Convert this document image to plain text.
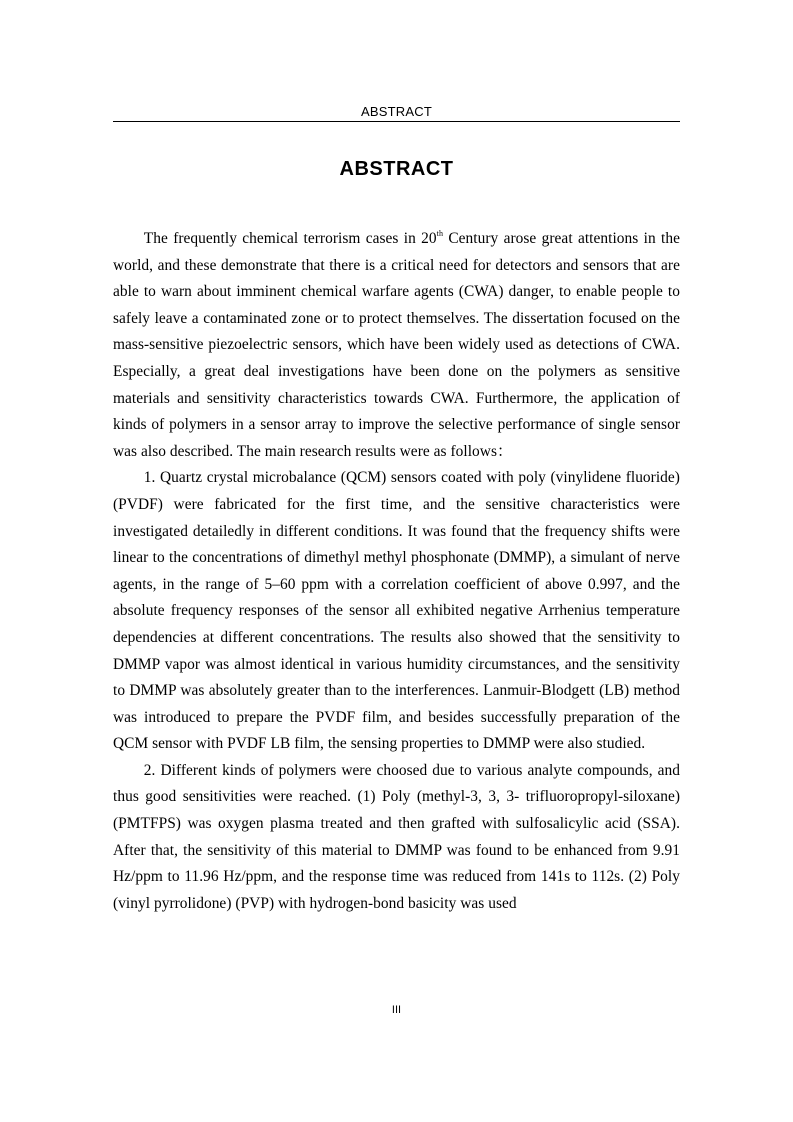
ABSTRACT
ABSTRACT

The frequently chemical terrorism cases in 20th Century arose great attentions in the world, and these demonstrate that there is a critical need for detectors and sensors that are able to warn about imminent chemical warfare agents (CWA) danger, to enable people to safely leave a contaminated zone or to protect themselves. The dissertation focused on the mass-sensitive piezoelectric sensors, which have been widely used as detections of CWA. Especially, a great deal investigations have been done on the polymers as sensitive materials and sensitivity characteristics towards CWA. Furthermore, the application of kinds of polymers in a sensor array to improve the selective performance of single sensor was also described. The main research results were as follows：

1. Quartz crystal microbalance (QCM) sensors coated with poly (vinylidene fluoride) (PVDF) were fabricated for the first time, and the sensitive characteristics were investigated detailedly in different conditions. It was found that the frequency shifts were linear to the concentrations of dimethyl methyl phosphonate (DMMP), a simulant of nerve agents, in the range of 5–60 ppm with a correlation coefficient of above 0.997, and the absolute frequency responses of the sensor all exhibited negative Arrhenius temperature dependencies at different concentrations. The results also showed that the sensitivity to DMMP vapor was almost identical in various humidity circumstances, and the sensitivity to DMMP was absolutely greater than to the interferences. Lanmuir-Blodgett (LB) method was introduced to prepare the PVDF film, and besides successfully preparation of the QCM sensor with PVDF LB film, the sensing properties to DMMP were also studied.

2. Different kinds of polymers were choosed due to various analyte compounds, and thus good sensitivities were reached. (1) Poly (methyl-3, 3, 3- trifluoropropyl-siloxane) (PMTFPS) was oxygen plasma treated and then grafted with sulfosalicylic acid (SSA). After that, the sensitivity of this material to DMMP was found to be enhanced from 9.91 Hz/ppm to 11.96 Hz/ppm, and the response time was reduced from 141s to 112s. (2) Poly (vinyl pyrrolidone) (PVP) with hydrogen-bond basicity was used

III
